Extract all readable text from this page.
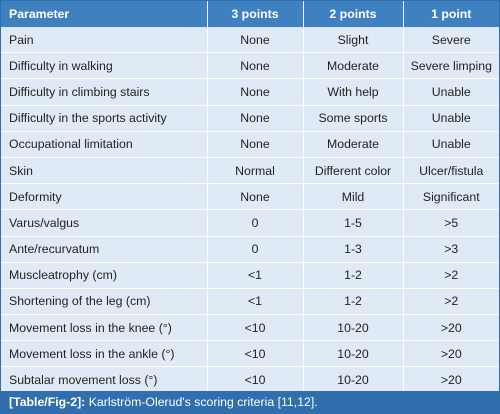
Parameter	3 points	2 points	1 point
Pain	None	Slight	Severe
Difficulty in walking	None	Moderate	Severe limping
Difficulty in climbing stairs	None	With help	Unable
Difficulty in the sports activity	None	Some sports	Unable
Occupational limitation	None	Moderate	Unable
Skin	Normal	Different color	Ulcer/fistula
Deformity	None	Mild	Significant
Varus/valgus	0	1-5	>5
Ante/recurvatum	0	1-3	>3
Muscleatrophy (cm)	<1	1-2	>2
Shortening of the leg (cm)	<1	1-2	>2
Movement loss in the knee (°)	<10	10-20	>20
Movement loss in the ankle (°)	<10	10-20	>20
Subtalar movement loss (°)	<10	10-20	>20
[Table/Fig-2]: Karlström-Olerud's scoring criteria [11,12].
